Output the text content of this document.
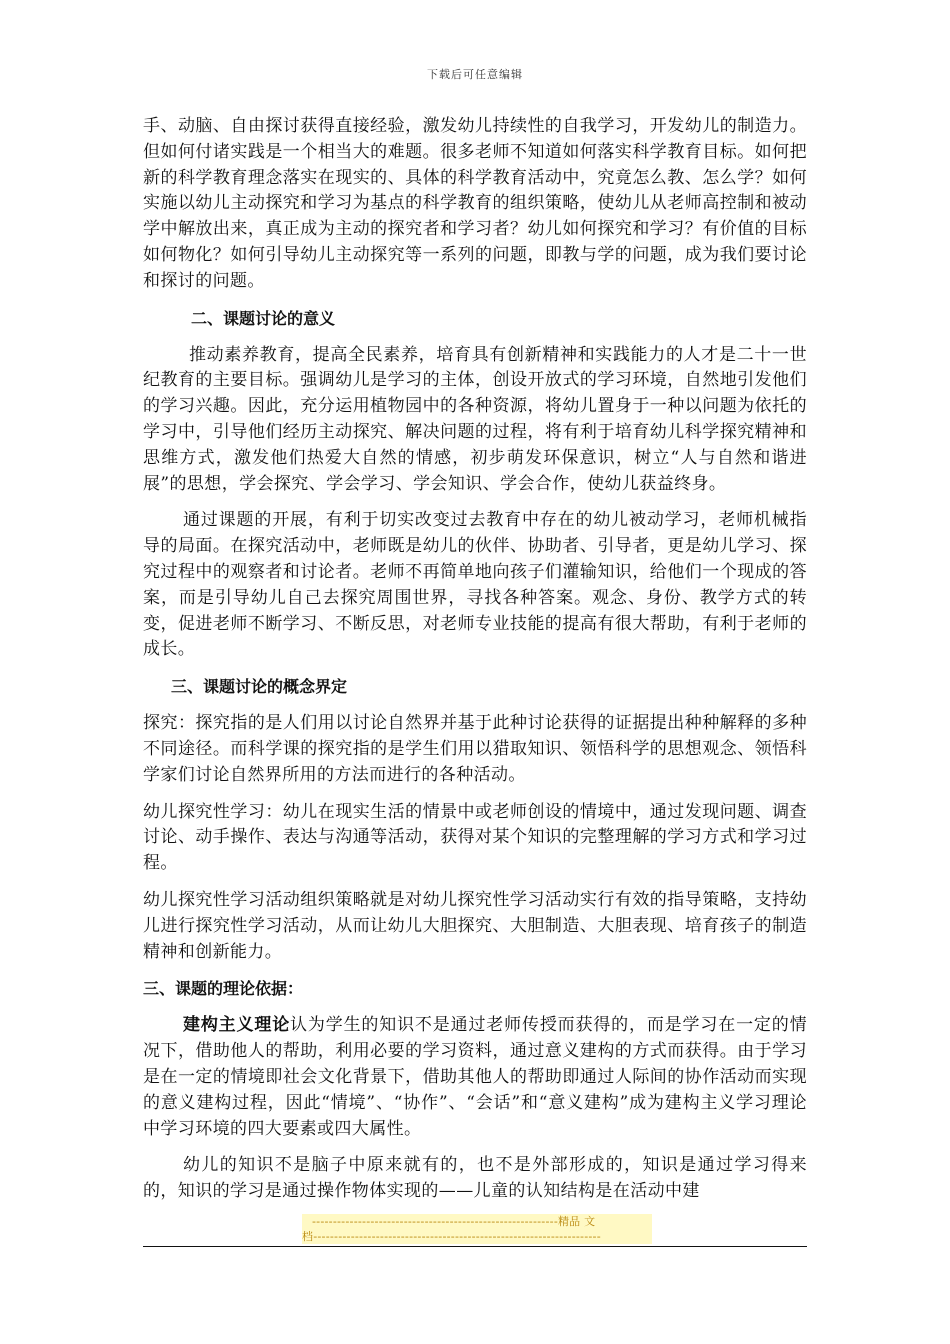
下载后可任意编辑

手、动脑、自由探讨获得直接经验，激发幼儿持续性的自我学习，开发幼儿的制造力。但如何付诸实践是一个相当大的难题。很多老师不知道如何落实科学教育目标。如何把新的科学教育理念落实在现实的、具体的科学教育活动中，究竟怎么教、怎么学？如何实施以幼儿主动探究和学习为基点的科学教育的组织策略，使幼儿从老师高控制和被动学中解放出来，真正成为主动的探究者和学习者？幼儿如何探究和学习？有价值的目标如何物化？如何引导幼儿主动探究等一系列的问题，即教与学的问题，成为我们要讨论和探讨的问题。

二、课题讨论的意义

推动素养教育，提高全民素养，培育具有创新精神和实践能力的人才是二十一世纪教育的主要目标。强调幼儿是学习的主体，创设开放式的学习环境，自然地引发他们的学习兴趣。因此，充分运用植物园中的各种资源，将幼儿置身于一种以问题为依托的学习中，引导他们经历主动探究、解决问题的过程，将有利于培育幼儿科学探究精神和思维方式，激发他们热爱大自然的情感，初步萌发环保意识，树立“人与自然和谐进展”的思想，学会探究、学会学习、学会知识、学会合作，使幼儿获益终身。

通过课题的开展，有利于切实改变过去教育中存在的幼儿被动学习，老师机械指导的局面。在探究活动中，老师既是幼儿的伙伴、协助者、引导者，更是幼儿学习、探究过程中的观察者和讨论者。老师不再简单地向孩子们灌输知识，给他们一个现成的答案，而是引导幼儿自己去探究周围世界，寻找各种答案。观念、身份、教学方式的转变，促进老师不断学习、不断反思，对老师专业技能的提高有很大帮助，有利于老师的成长。

三、课题讨论的概念界定

探究：探究指的是人们用以讨论自然界并基于此种讨论获得的证据提出种种解释的多种不同途径。而科学课的探究指的是学生们用以猎取知识、领悟科学的思想观念、领悟科学家们讨论自然界所用的方法而进行的各种活动。

幼儿探究性学习：幼儿在现实生活的情景中或老师创设的情境中，通过发现问题、调查讨论、动手操作、表达与沟通等活动，获得对某个知识的完整理解的学习方式和学习过程。

幼儿探究性学习活动组织策略就是对幼儿探究性学习活动实行有效的指导策略，支持幼儿进行探究性学习活动，从而让幼儿大胆探究、大胆制造、大胆表现、培育孩子的制造精神和创新能力。

三、课题的理论依据：

建构主义理论认为学生的知识不是通过老师传授而获得的，而是学习在一定的情况下，借助他人的帮助，利用必要的学习资料，通过意义建构的方式而获得。由于学习是在一定的情境即社会文化背景下，借助其他人的帮助即通过人际间的协作活动而实现的意义建构过程，因此“情境”、“协作”、“会话”和“意义建构”成为建构主义学习理论中学习环境的四大要素或四大属性。

幼儿的知识不是脑子中原来就有的，也不是外部形成的，知识是通过学习得来的，知识的学习是通过操作物体实现的——儿童的认知结构是在活动中建

-----------------------------------------------------------精品 文
档---------------------------------------------------------------------
